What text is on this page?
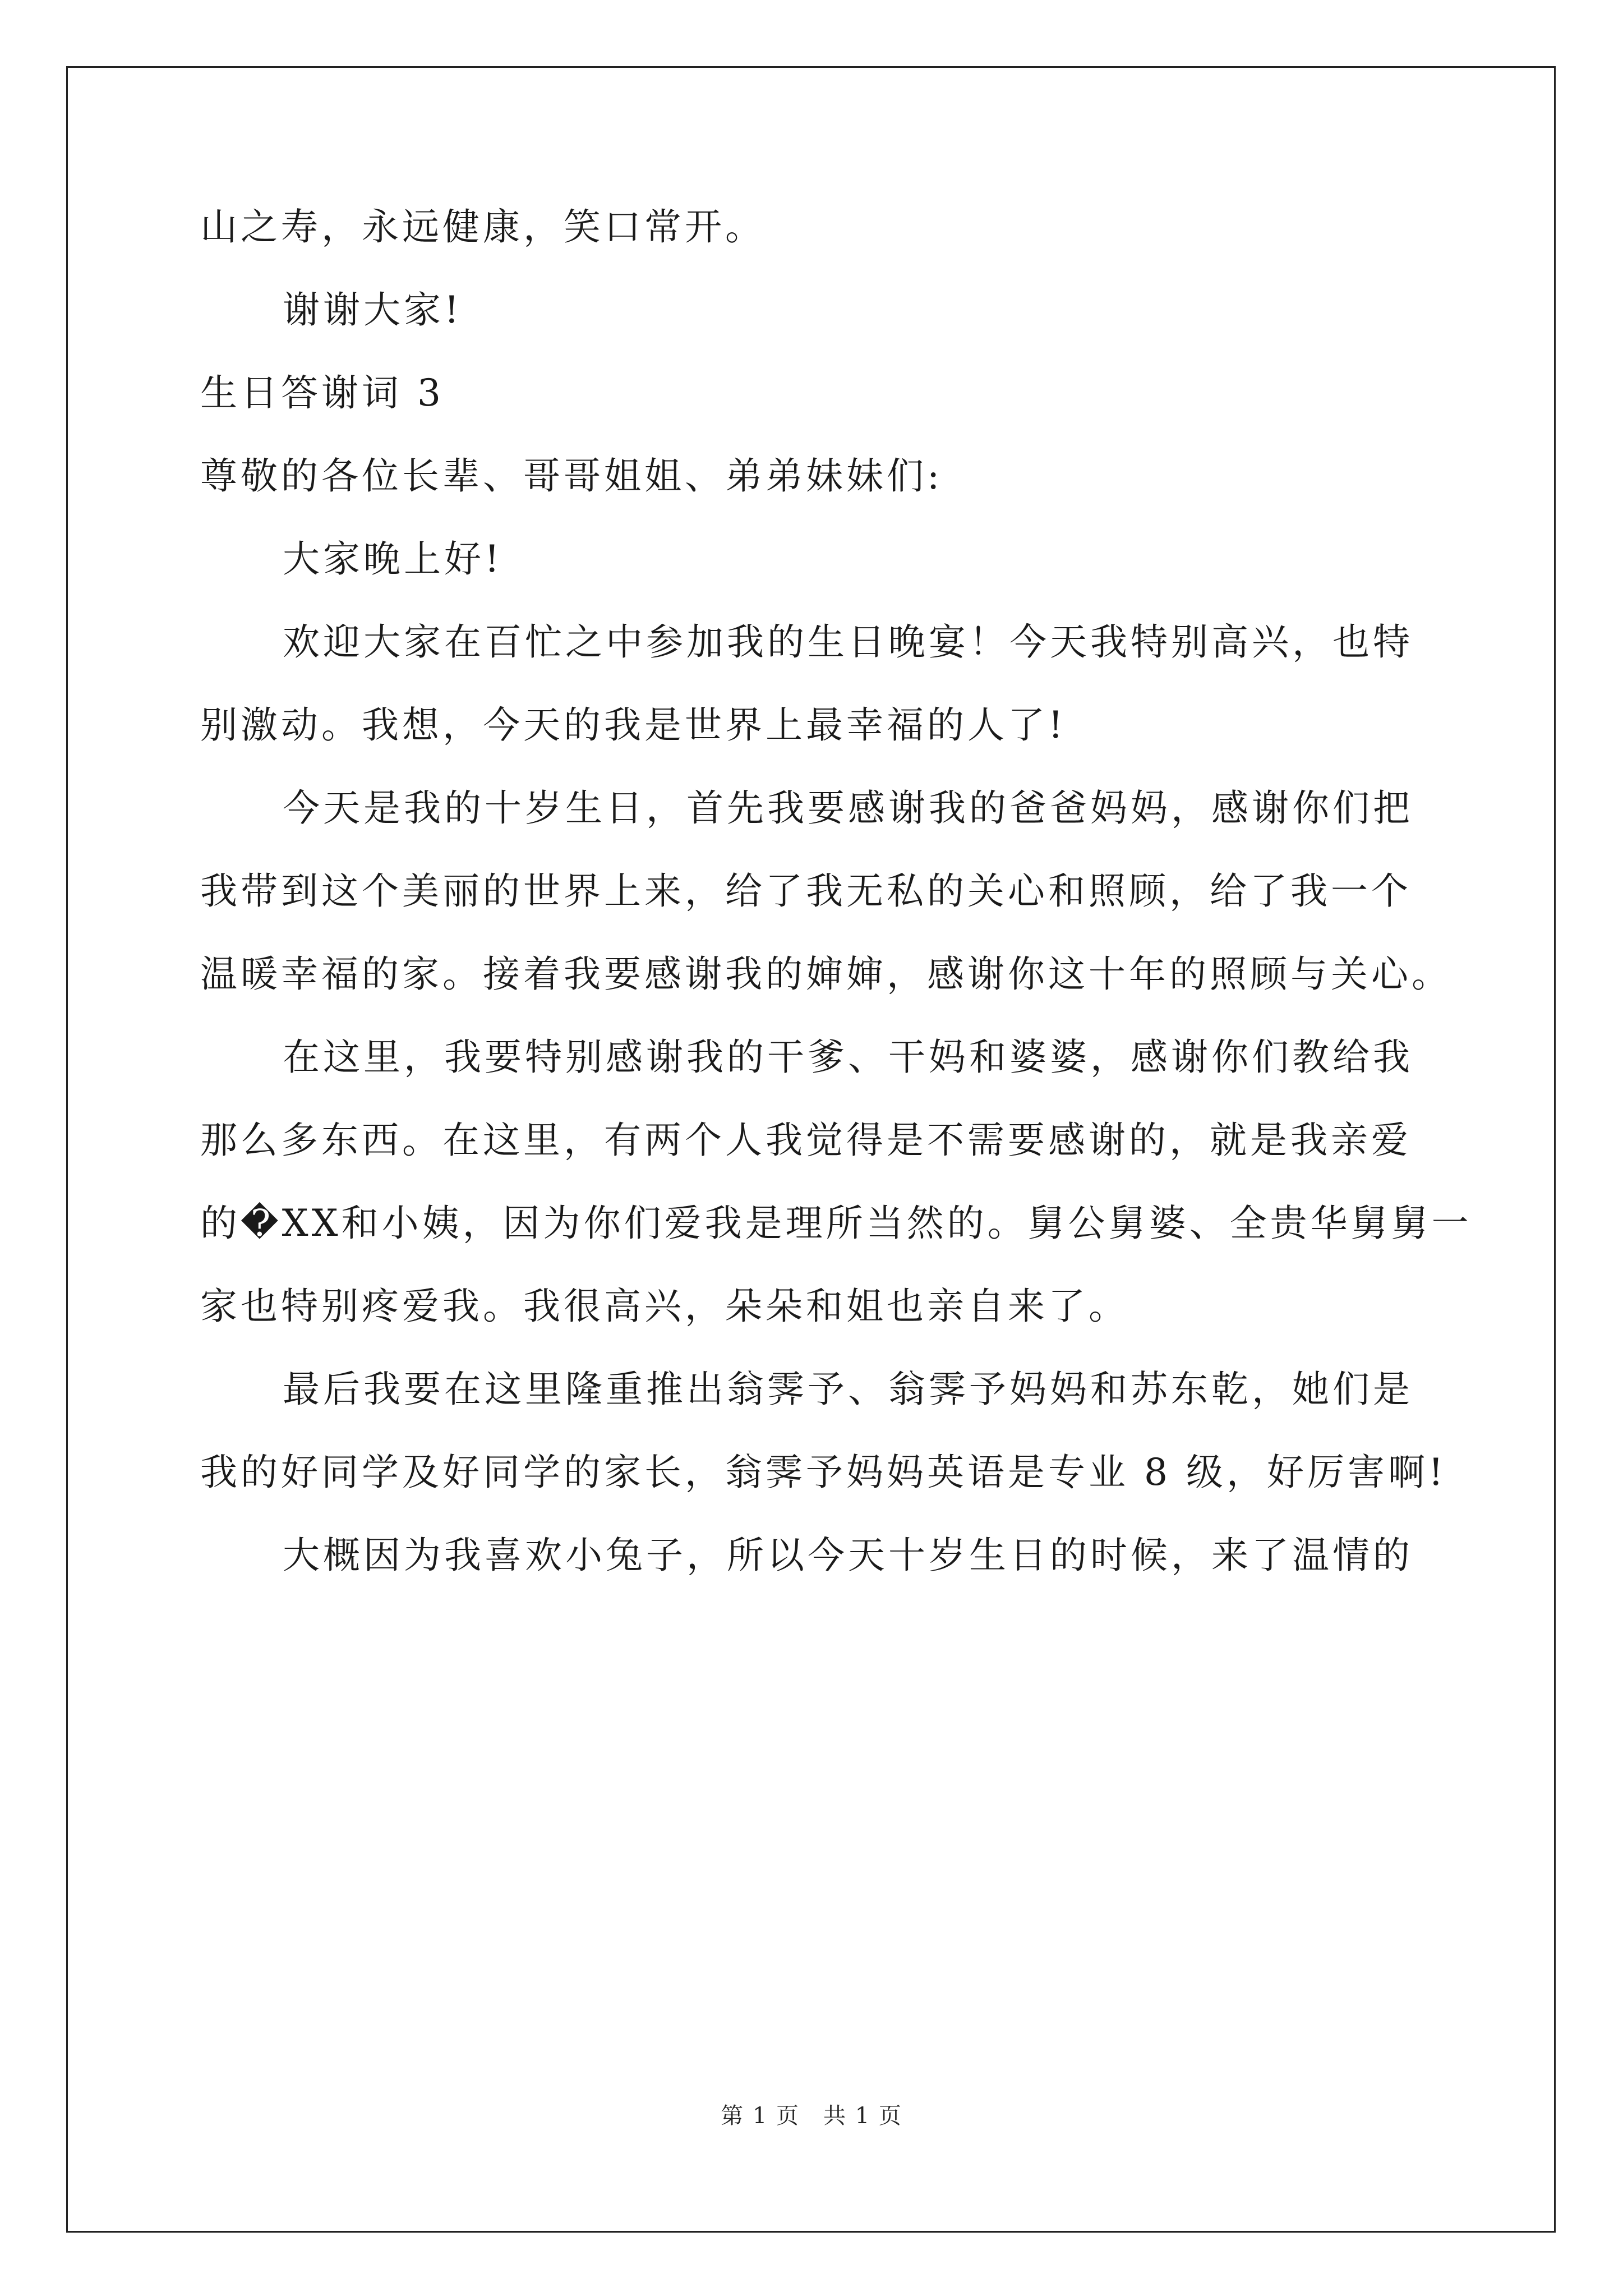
山之寿，永远健康，笑口常开。
谢谢大家!
生日答谢词 3
尊敬的各位长辈、哥哥姐姐、弟弟妹妹们:
大家晚上好!
欢迎大家在百忙之中参加我的生日晚宴！今天我特别高兴，也特
别激动。我想，今天的我是世界上最幸福的人了!
今天是我的十岁生日，首先我要感谢我的爸爸妈妈，感谢你们把
我带到这个美丽的世界上来，给了我无私的关心和照顾，给了我一个
温暖幸福的家。接着我要感谢我的婶婶，感谢你这十年的照顾与关心。
在这里，我要特别感谢我的干爹、干妈和婆婆，感谢你们教给我
那么多东西。在这里，有两个人我觉得是不需要感谢的，就是我亲爱
的�XX和小姨，因为你们爱我是理所当然的。舅公舅婆、全贵华舅舅一
家也特别疼爱我。我很高兴，朵朵和姐也亲自来了。
最后我要在这里隆重推出翁霁予、翁霁予妈妈和苏东乾，她们是
我的好同学及好同学的家长，翁霁予妈妈英语是专业 8 级，好厉害啊!
大概因为我喜欢小兔子，所以今天十岁生日的时候，来了温情的
第 1 页　共 1 页
